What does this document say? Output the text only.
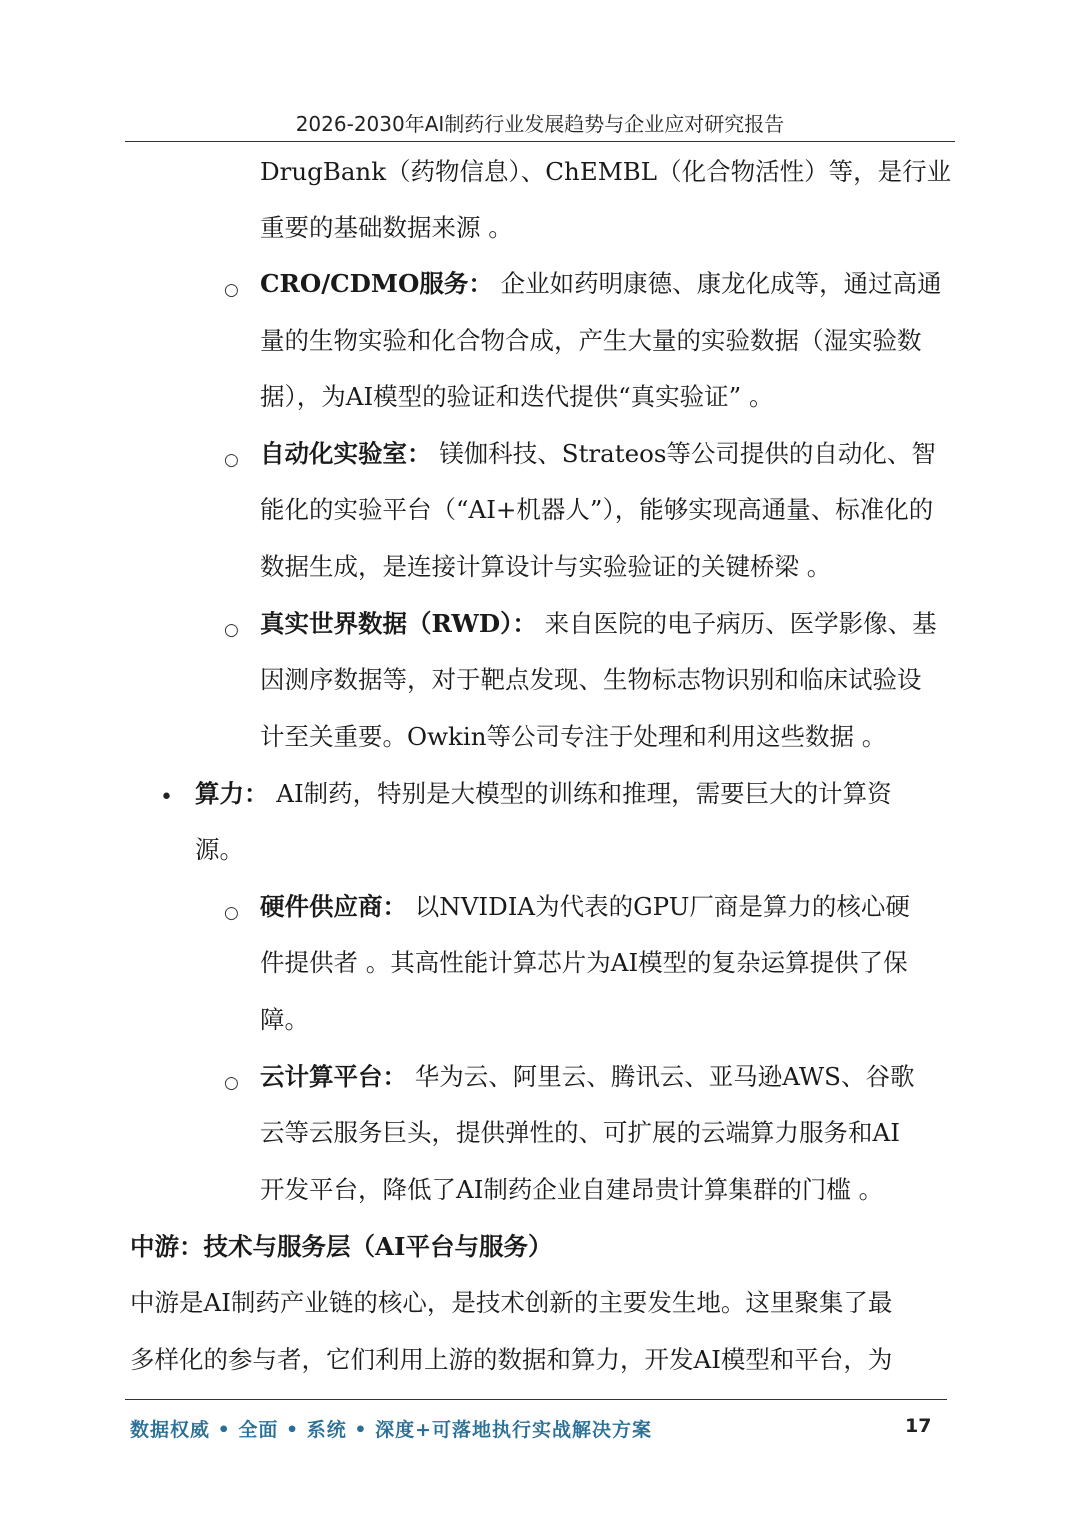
2026-2030年AI制药行业发展趋势与企业应对研究报告
DrugBank（药物信息）、ChEMBL（化合物活性）等，是行业
重要的基础数据来源 。
○ CRO/CDMO服务： 企业如药明康德、康龙化成等，通过高通
量的生物实验和化合物合成，产生大量的实验数据（湿实验数
据），为AI模型的验证和迭代提供“真实验证” 。
○ 自动化实验室： 镁伽科技、Strateos等公司提供的自动化、智
能化的实验平台（“AI+机器人”），能够实现高通量、标准化的
数据生成，是连接计算设计与实验验证的关键桥梁 。
○ 真实世界数据（RWD）： 来自医院的电子病历、医学影像、基
因测序数据等，对于靶点发现、生物标志物识别和临床试验设
计至关重要。Owkin等公司专注于处理和利用这些数据 。
• 算力： AI制药，特别是大模型的训练和推理，需要巨大的计算资
源。
○ 硬件供应商： 以NVIDIA为代表的GPU厂商是算力的核心硬
件提供者 。其高性能计算芯片为AI模型的复杂运算提供了保
障。
○ 云计算平台： 华为云、阿里云、腾讯云、亚马逊AWS、谷歌
云等云服务巨头，提供弹性的、可扩展的云端算力服务和AI
开发平台，降低了AI制药企业自建昂贵计算集群的门槛 。
中游：技术与服务层（AI平台与服务）
中游是AI制药产业链的核心，是技术创新的主要发生地。这里聚集了最
多样化的参与者，它们利用上游的数据和算力，开发AI模型和平台，为
数据权威 • 全面 • 系统 • 深度+可落地执行实战解决方案	17
